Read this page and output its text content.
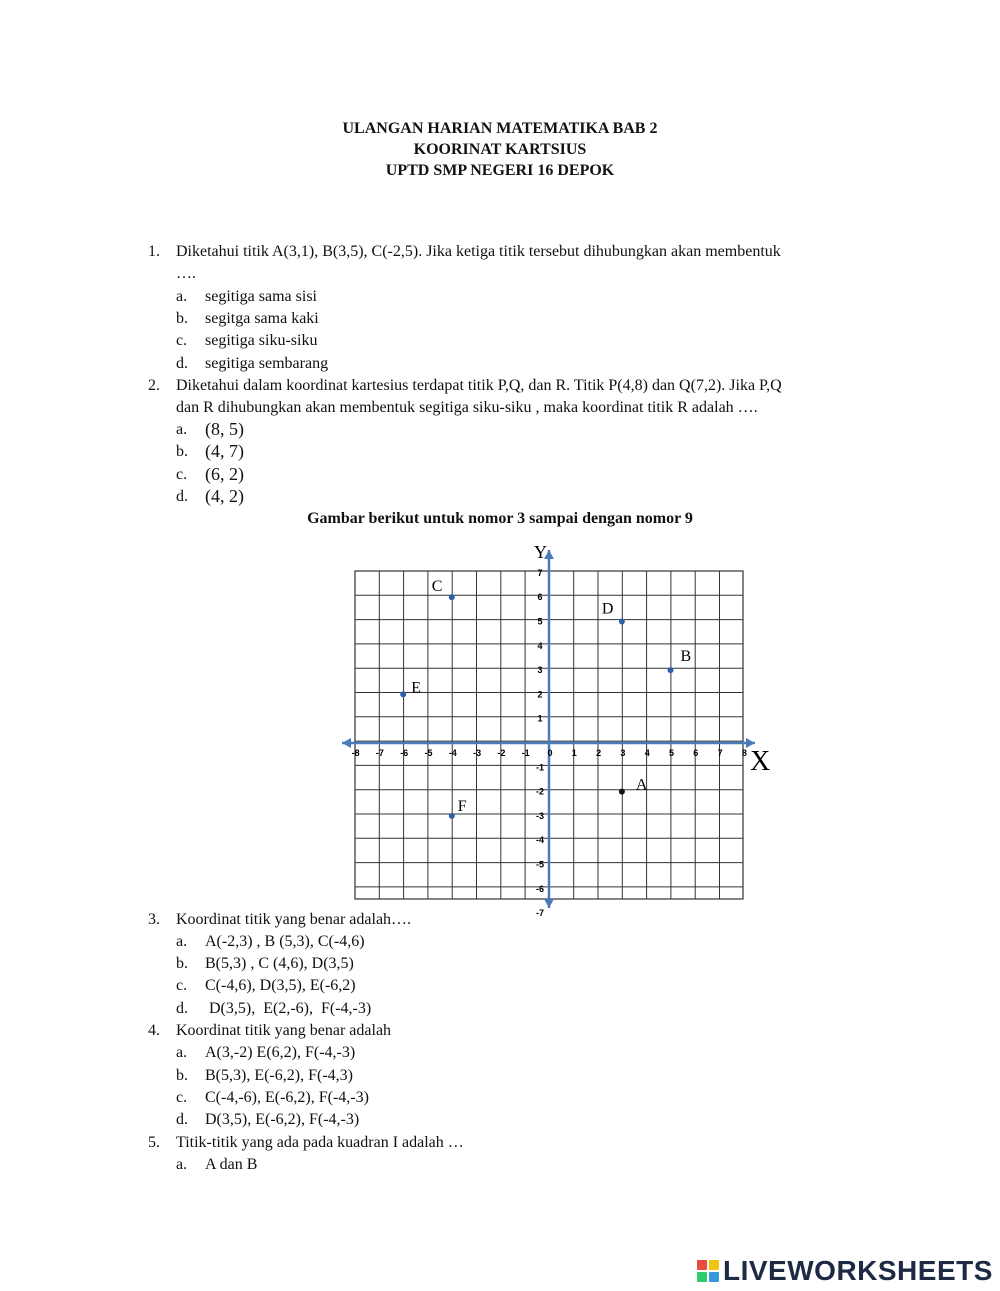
ULANGAN HARIAN MATEMATIKA BAB 2
KOORINAT KARTSIUS
UPTD SMP NEGERI 16 DEPOK
1. Diketahui titik A(3,1), B(3,5), C(-2,5). Jika ketiga titik tersebut dihubungkan akan membentuk
….
a. segitiga sama sisi
b. segitga sama kaki
c. segitiga siku-siku
d. segitiga sembarang
2. Diketahui dalam koordinat kartesius terdapat titik P,Q, dan R. Titik P(4,8) dan Q(7,2). Jika P,Q
dan R dihubungkan akan membentuk segitiga siku-siku , maka koordinat titik R adalah ….
a. (8, 5)
b. (4, 7)
c. (6, 2)
d. (4, 2)
Gambar berikut untuk nomor 3 sampai dengan nomor 9
Y
X
-8 -7 -6 -5 -4 -3 -2 -1 0 1 2 3 4 5 6 7 8
7
6
5
4
3
2
1
-1
-2
-3
-4
-5
-6
-7
A
B
C
D
E
F
3. Koordinat titik yang benar adalah….
a. A(-2,3) , B (5,3), C(-4,6)
b. B(5,3) , C (4,6), D(3,5)
c. C(-4,6), D(3,5), E(-6,2)
d. D(3,5),  E(2,-6),  F(-4,-3)
4. Koordinat titik yang benar adalah
a. A(3,-2) E(6,2), F(-4,-3)
b. B(5,3), E(-6,2), F(-4,3)
c. C(-4,-6), E(-6,2), F(-4,-3)
d. D(3,5), E(-6,2), F(-4,-3)
5. Titik-titik yang ada pada kuadran I adalah …
a. A dan B
LIVEWORKSHEETS
